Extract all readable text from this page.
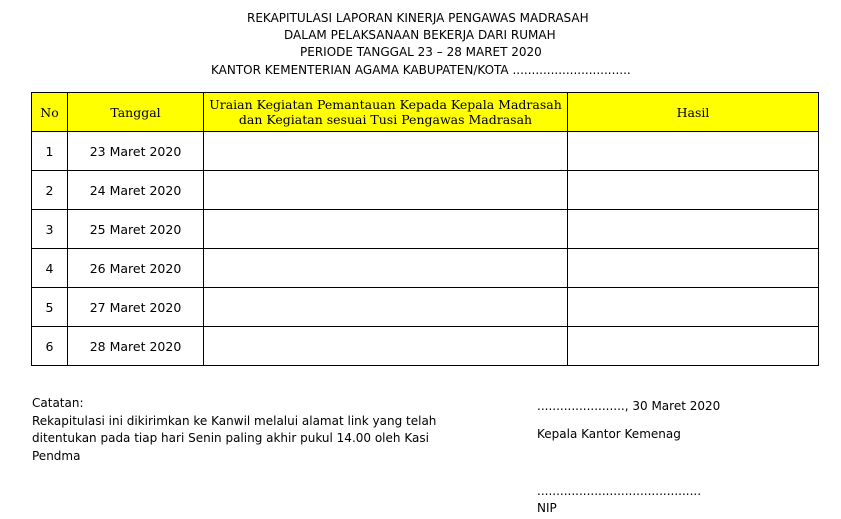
REKAPITULASI LAPORAN KINERJA PENGAWAS MADRASAH
DALAM PELAKSANAAN BEKERJA DARI RUMAH
PERIODE TANGGAL 23 – 28 MARET 2020
KANTOR KEMENTERIAN AGAMA KABUPATEN/KOTA ...............................
No	Tanggal	Uraian Kegiatan Pemantauan Kepada Kepala Madrasah dan Kegiatan sesuai Tusi Pengawas Madrasah	Hasil
1	23 Maret 2020		
2	24 Maret 2020		
3	25 Maret 2020		
4	26 Maret 2020		
5	27 Maret 2020		
6	28 Maret 2020		
Catatan:
Rekapitulasi ini dikirimkan ke Kanwil melalui alamat link yang telah ditentukan pada tiap hari Senin paling akhir pukul 14.00 oleh Kasi Pendma
......................., 30 Maret 2020
Kepala Kantor Kemenag
...........................................
NIP
